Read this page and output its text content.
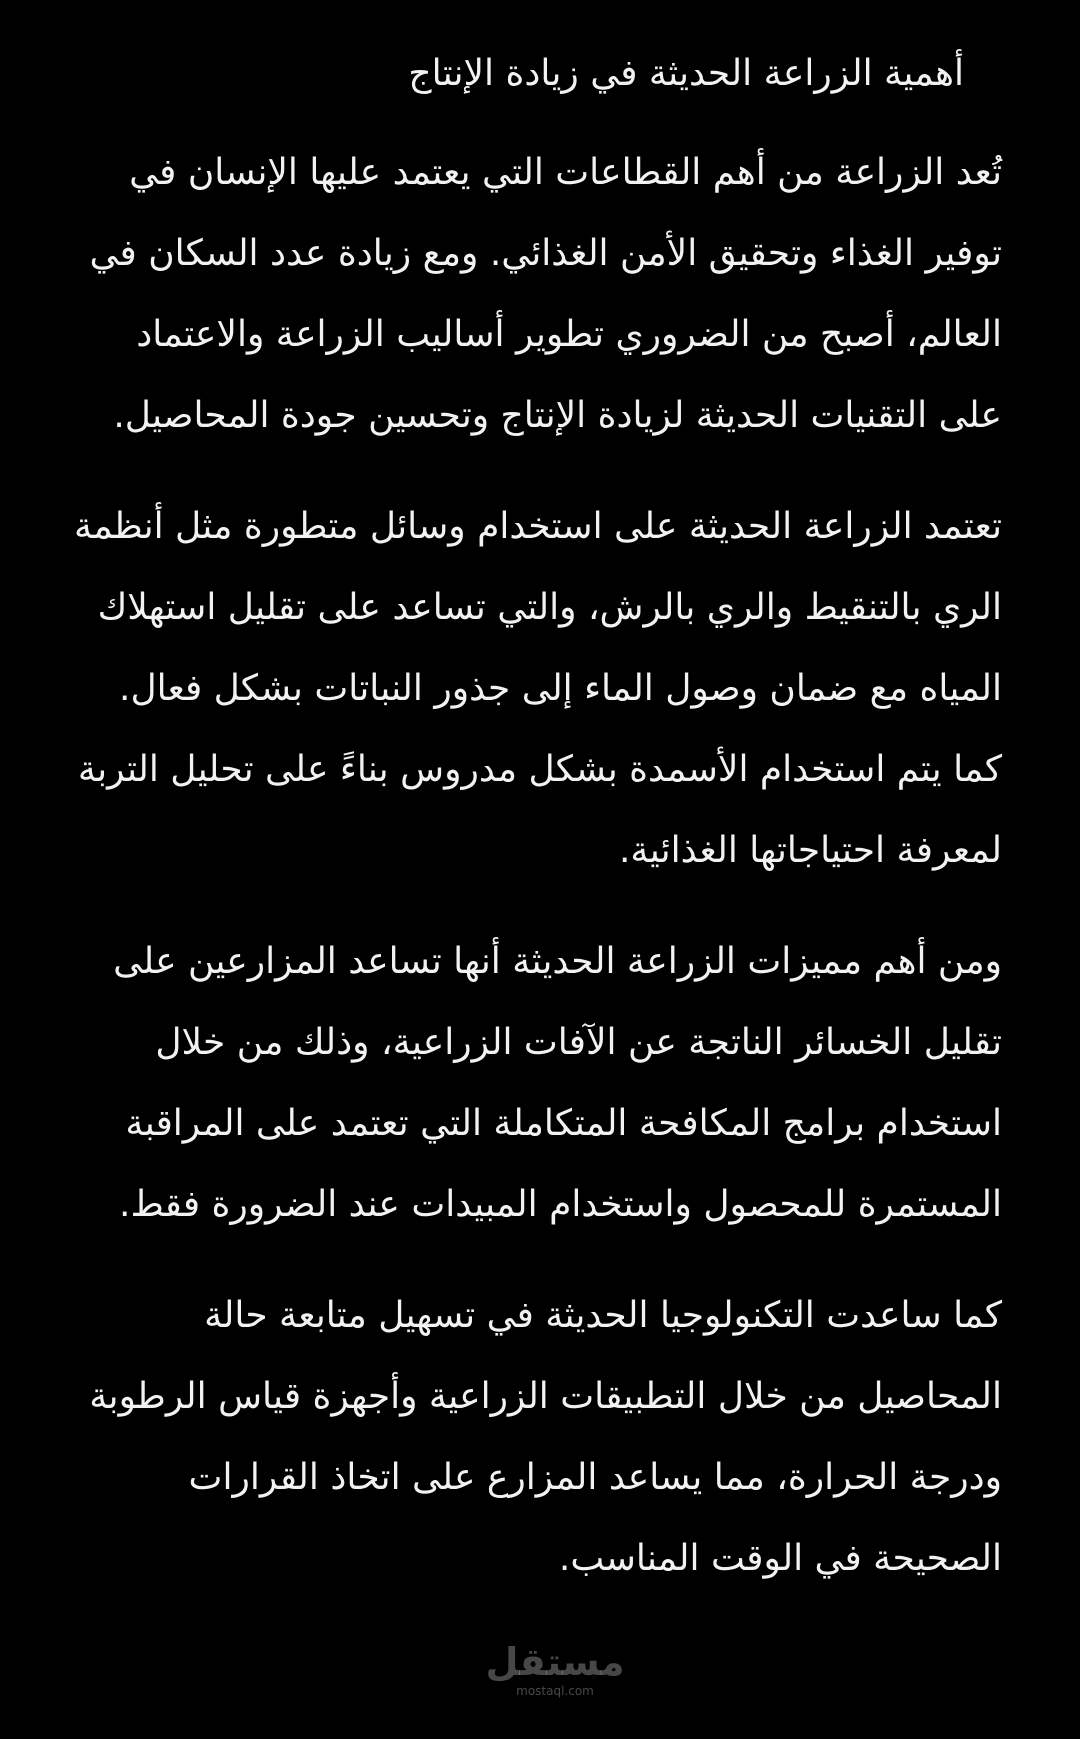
أهمية الزراعة الحديثة في زيادة الإنتاج

تُعد الزراعة من أهم القطاعات التي يعتمد عليها الإنسان في توفير الغذاء وتحقيق الأمن الغذائي. ومع زيادة عدد السكان في العالم، أصبح من الضروري تطوير أساليب الزراعة والاعتماد على التقنيات الحديثة لزيادة الإنتاج وتحسين جودة المحاصيل.

تعتمد الزراعة الحديثة على استخدام وسائل متطورة مثل أنظمة الري بالتنقيط والري بالرش، والتي تساعد على تقليل استهلاك المياه مع ضمان وصول الماء إلى جذور النباتات بشكل فعال. كما يتم استخدام الأسمدة بشكل مدروس بناءً على تحليل التربة لمعرفة احتياجاتها الغذائية.

ومن أهم مميزات الزراعة الحديثة أنها تساعد المزارعين على تقليل الخسائر الناتجة عن الآفات الزراعية، وذلك من خلال استخدام برامج المكافحة المتكاملة التي تعتمد على المراقبة المستمرة للمحصول واستخدام المبيدات عند الضرورة فقط.

كما ساعدت التكنولوجيا الحديثة في تسهيل متابعة حالة المحاصيل من خلال التطبيقات الزراعية وأجهزة قياس الرطوبة ودرجة الحرارة، مما يساعد المزارع على اتخاذ القرارات الصحيحة في الوقت المناسب.

مستقل
mostaql.com
